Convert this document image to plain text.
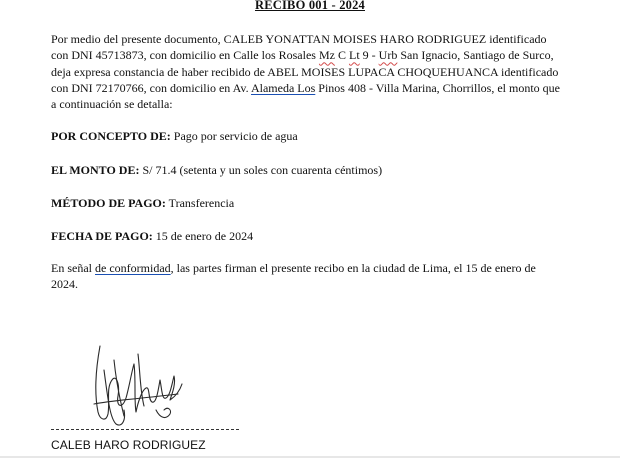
RECIBO 001 - 2024
Por medio del presente documento, CALEB YONATTAN MOISES HARO RODRIGUEZ identificado con DNI 45713873, con domicilio en Calle los Rosales Mz C Lt 9 - Urb San Ignacio, Santiago de Surco, deja expresa constancia de haber recibido de ABEL MOISES LUPACA CHOQUEHUANCA identificado con DNI 72170766, con domicilio en Av. Alameda Los Pinos 408 - Villa Marina, Chorrillos, el monto que a continuación se detalla:
POR CONCEPTO DE: Pago por servicio de agua
EL MONTO DE: S/ 71.4 (setenta y un soles con cuarenta céntimos)
MÉTODO DE PAGO: Transferencia
FECHA DE PAGO: 15 de enero de 2024
En señal de conformidad, las partes firman el presente recibo en la ciudad de Lima, el 15 de enero de 2024.
CALEB HARO RODRIGUEZ
